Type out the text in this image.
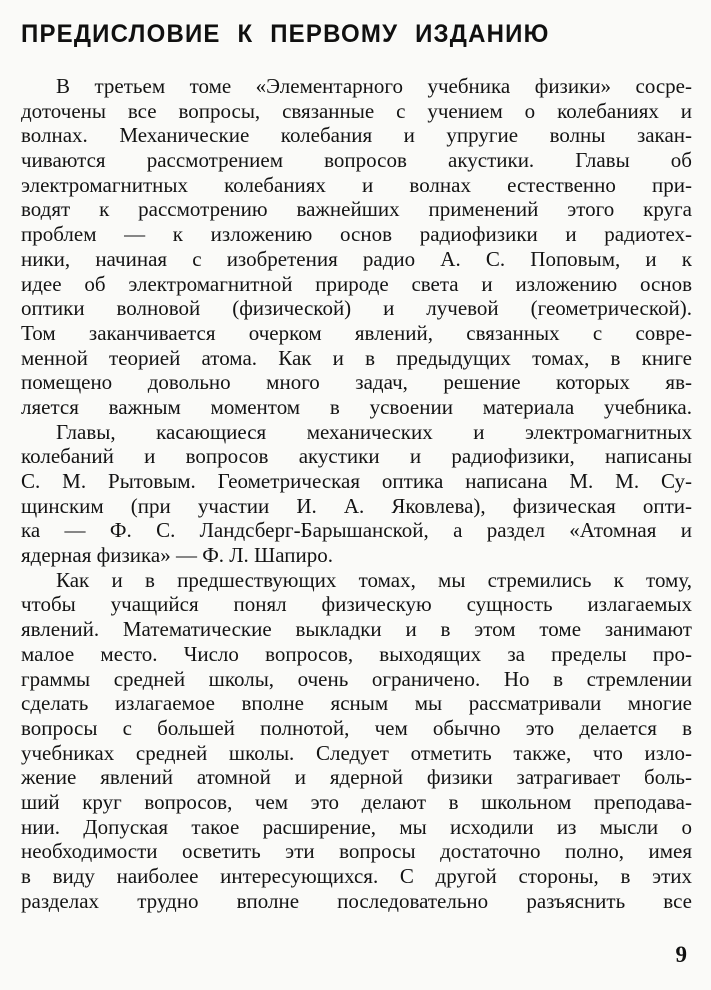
ПРЕДИСЛОВИЕ К ПЕРВОМУ ИЗДАНИЮ
В третьем томе «Элементарного учебника физики» сосре-
доточены все вопросы, связанные с учением о колебаниях и
волнах. Механические колебания и упругие волны закан-
чиваются рассмотрением вопросов акустики. Главы об
электромагнитных колебаниях и волнах естественно при-
водят к рассмотрению важнейших применений этого круга
проблем — к изложению основ радиофизики и радиотех-
ники, начиная с изобретения радио А. С. Поповым, и к
идее об электромагнитной природе света и изложению основ
оптики волновой (физической) и лучевой (геометрической).
Том заканчивается очерком явлений, связанных с совре-
менной теорией атома. Как и в предыдущих томах, в книге
помещено довольно много задач, решение которых яв-
ляется важным моментом в усвоении материала учебника.
Главы, касающиеся механических и электромагнитных
колебаний и вопросов акустики и радиофизики, написаны
С. М. Рытовым. Геометрическая оптика написана М. М. Су-
щинским (при участии И. А. Яковлева), физическая опти-
ка — Ф. С. Ландсберг-Барышанской, а раздел «Атомная и
ядерная физика» — Ф. Л. Шапиро.
Как и в предшествующих томах, мы стремились к тому,
чтобы учащийся понял физическую сущность излагаемых
явлений. Математические выкладки и в этом томе занимают
малое место. Число вопросов, выходящих за пределы про-
граммы средней школы, очень ограничено. Но в стремлении
сделать излагаемое вполне ясным мы рассматривали многие
вопросы с большей полнотой, чем обычно это делается в
учебниках средней школы. Следует отметить также, что изло-
жение явлений атомной и ядерной физики затрагивает боль-
ший круг вопросов, чем это делают в школьном преподава-
нии. Допуская такое расширение, мы исходили из мысли о
необходимости осветить эти вопросы достаточно полно, имея
в виду наиболее интересующихся. С другой стороны, в этих
разделах трудно вполне последовательно разъяснить все
9
